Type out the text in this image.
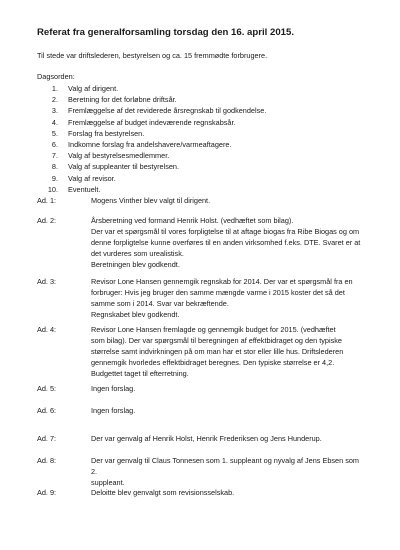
Referat fra generalforsamling torsdag den 16. april 2015.
Til stede var driftslederen, bestyrelsen og ca. 15 fremmødte forbrugere.
Dagsorden:
1.	Valg af dirigent.
2.	Beretning for det forløbne driftsår.
3.	Fremlæggelse af det reviderede årsregnskab til godkendelse.
4.	Fremlæggelse af budget indeværende regnskabsår.
5.	Forslag fra bestyrelsen.
6.	Indkomne forslag fra andelshavere/varmeaftagere.
7.	Valg af bestyrelsesmedlemmer.
8.	Valg af suppleanter til bestyrelsen.
9.	Valg af revisor.
10.	Eventuelt.
Ad. 1:	Mogens Vinther blev valgt til dirigent.

Ad. 2:	Årsberetning ved formand Henrik Holst. (vedhæftet som bilag).

Der var et spørgsmål til vores forpligtelse til at aftage biogas fra Ribe Biogas og om

denne forpligtelse kunne overføres til en anden virksomhed f.eks. DTE. Svaret er at

det vurderes som urealistisk.

Beretningen blev godkendt.

Ad. 3:	Revisor Lone Hansen gennemgik regnskab for 2014. Der var et spørgsmål fra en

forbruger: Hvis jeg bruger den samme mængde varme i 2015 koster det så det

samme som i 2014. Svar var bekræftende.

Regnskabet blev godkendt.

Ad. 4:	Revisor Lone Hansen fremlagde og gennemgik budget for 2015. (vedhæftet

som bilag). Der var spørgsmål til beregningen af effektbidraget og den typiske

størrelse samt indvirkningen på om man har et stor eller lille hus. Driftslederen

gennemgik hvorledes effektbidraget beregnes. Den typiske størrelse er 4,2.

Budgettet taget til efterretning.

Ad. 5:	Ingen forslag.

Ad. 6:	Ingen forslag.

Ad. 7:	Der var genvalg af Henrik Holst, Henrik Frederiksen og Jens Hunderup.

Ad. 8:	Der var genvalg til Claus Tonnesen som 1. suppleant og nyvalg af Jens Ebsen som 2.

suppleant.

Ad. 9:	Deloitte blev genvalgt som revisionsselskab.
